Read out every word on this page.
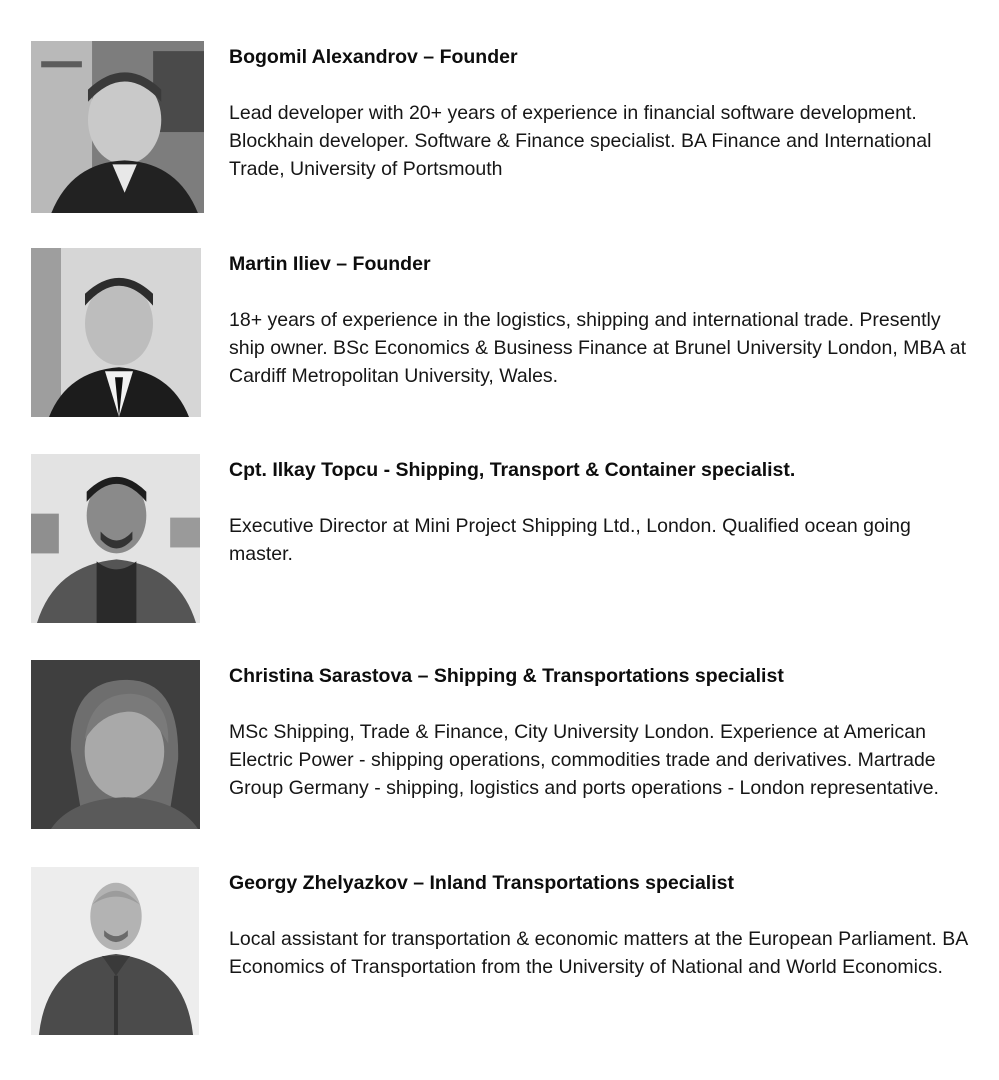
Bogomil Alexandrov – Founder

Lead developer with 20+ years of experience in financial software development. Blockhain developer. Software & Finance specialist. BA Finance and International Trade, University of Portsmouth

Martin Iliev – Founder

18+ years of experience in the logistics, shipping and international trade. Presently ship owner. BSc Economics & Business Finance at Brunel University London, MBA at Cardiff Metropolitan University, Wales.

Cpt. Ilkay Topcu - Shipping, Transport & Container specialist.

Executive Director at Mini Project Shipping Ltd., London. Qualified ocean going master.

Christina Sarastova – Shipping & Transportations specialist

MSc Shipping, Trade & Finance, City University London. Experience at American Electric Power - shipping operations, commodities trade and derivatives. Martrade Group Germany - shipping, logistics and ports operations - London representative.

Georgy Zhelyazkov – Inland Transportations specialist

Local assistant for transportation & economic matters at the European Parliament. BA Economics of Transportation from the University of National and World Economics.
